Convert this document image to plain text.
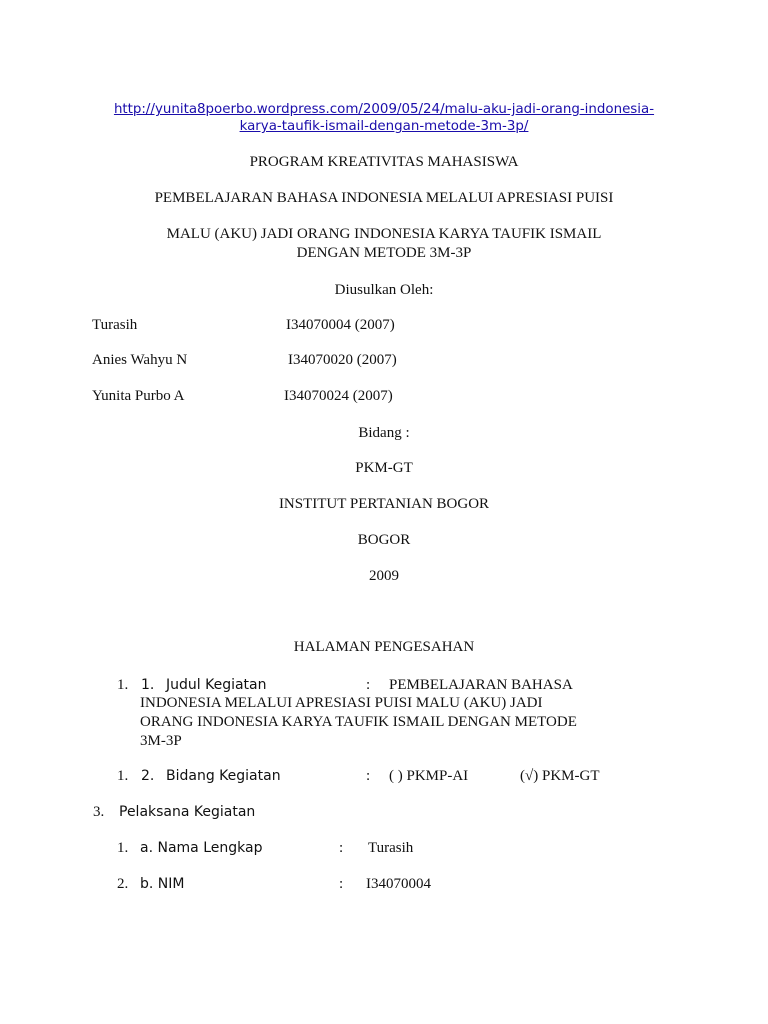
http://yunita8poerbo.wordpress.com/2009/05/24/malu-aku-jadi-orang-indonesia-
karya-taufik-ismail-dengan-metode-3m-3p/
PROGRAM KREATIVITAS MAHASISWA
PEMBELAJARAN BAHASA INDONESIA MELALUI APRESIASI PUISI
MALU (AKU) JADI ORANG INDONESIA KARYA TAUFIK ISMAIL
DENGAN METODE 3M-3P
Diusulkan Oleh:
Turasih	I34070004 (2007)
Anies Wahyu N	I34070020 (2007)
Yunita Purbo A	I34070024 (2007)
Bidang :
PKM-GT
INSTITUT PERTANIAN BOGOR
BOGOR
2009
HALAMAN PENGESAHAN
1. 1. Judul Kegiatan	: PEMBELAJARAN BAHASA
INDONESIA MELALUI APRESIASI PUISI MALU (AKU) JADI
ORANG INDONESIA KARYA TAUFIK ISMAIL DENGAN METODE
3M-3P
1. 2. Bidang Kegiatan	: ( ) PKMP-AI	(√) PKM-GT
3. Pelaksana Kegiatan
1. a. Nama Lengkap	: Turasih
2. b. NIM	: I34070004
